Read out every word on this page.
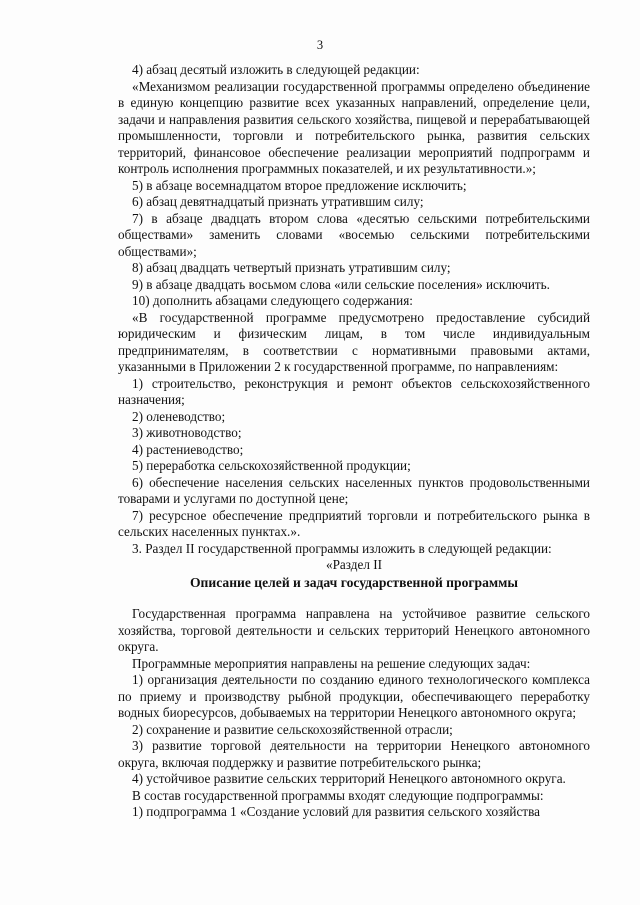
3

4) абзац десятый изложить в следующей редакции:

«Механизмом реализации государственной программы определено объединение в единую концепцию развитие всех указанных направлений, определение цели, задачи и направления развития сельского хозяйства, пищевой и перерабатывающей промышленности, торговли и потребительского рынка, развития сельских территорий, финансовое обеспечение реализации мероприятий подпрограмм и контроль исполнения программных показателей, и их результативности.»;

5) в абзаце восемнадцатом второе предложение исключить;

6) абзац девятнадцатый признать утратившим силу;

7) в абзаце двадцать втором слова «десятью сельскими потребительскими обществами» заменить словами «восемью сельскими потребительскими обществами»;

8) абзац двадцать четвертый признать утратившим силу;

9) в абзаце двадцать восьмом слова «или сельские поселения» исключить.

10) дополнить абзацами следующего содержания:

«В государственной программе предусмотрено предоставление субсидий юридическим и физическим лицам, в том числе индивидуальным предпринимателям, в соответствии с нормативными правовыми актами, указанными в Приложении 2 к государственной программе, по направлениям:

1) строительство, реконструкция и ремонт объектов сельскохозяйственного назначения;

2) оленеводство;

3) животноводство;

4) растениеводство;

5) переработка сельскохозяйственной продукции;

6) обеспечение населения сельских населенных пунктов продовольственными товарами и услугами по доступной цене;

7) ресурсное обеспечение предприятий торговли и потребительского рынка в сельских населенных пунктах.».

3. Раздел II государственной программы изложить в следующей редакции:

«Раздел II

Описание целей и задач государственной программы

Государственная программа направлена на устойчивое развитие сельского хозяйства, торговой деятельности и сельских территорий Ненецкого автономного округа.

Программные мероприятия направлены на решение следующих задач:

1) организация деятельности по созданию единого технологического комплекса по приему и производству рыбной продукции, обеспечивающего переработку водных биоресурсов, добываемых на территории Ненецкого автономного округа;

2) сохранение и развитие сельскохозяйственной отрасли;

3) развитие торговой деятельности на территории Ненецкого автономного округа, включая поддержку и развитие потребительского рынка;

4) устойчивое развитие сельских территорий Ненецкого автономного округа.

В состав государственной программы входят следующие подпрограммы:

1) подпрограмма 1 «Создание условий для развития сельского хозяйства
